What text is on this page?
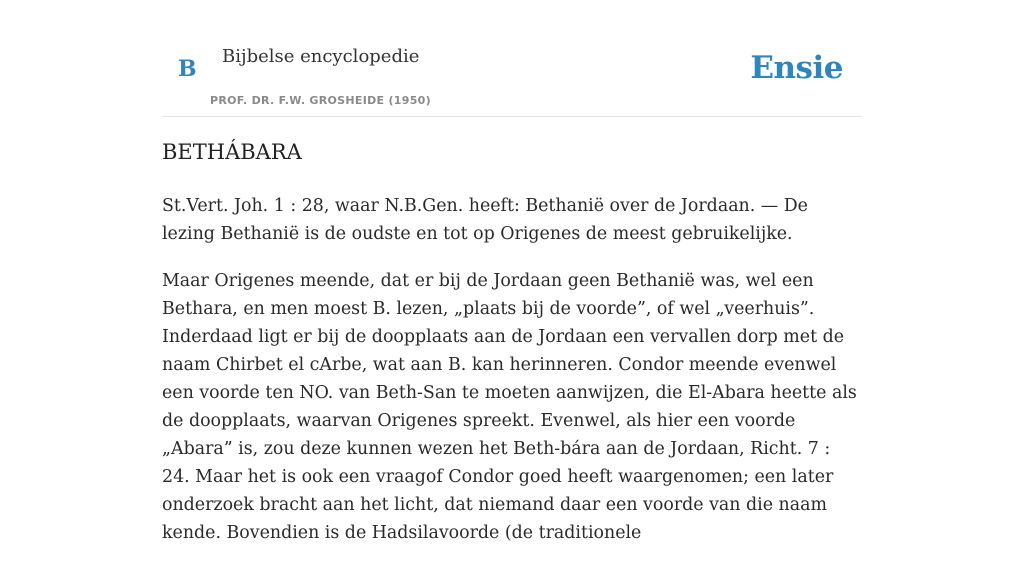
B Bijbelse encyclopedie
PROF. DR. F.W. GROSHEIDE (1950)
Ensie
BETHÁBARA

St.Vert. Joh. 1 : 28, waar N.B.Gen. heeft: Bethanië over de Jordaan. — De lezing Bethanië is de oudste en tot op Origenes de meest gebruikelijke.

Maar Origenes meende, dat er bij de Jordaan geen Bethanië was, wel een Bethara, en men moest B. lezen, „plaats bij de voorde”, of wel „veerhuis”. Inderdaad ligt er bij de doopplaats aan de Jordaan een vervallen dorp met de naam Chirbet el cArbe, wat aan B. kan herinneren. Condor meende evenwel een voorde ten NO. van Beth-San te moeten aanwijzen, die El-Abara heette als de doopplaats, waarvan Origenes spreekt. Evenwel, als hier een voorde „Abara” is, zou deze kunnen wezen het Beth-bára aan de Jordaan, Richt. 7 : 24. Maar het is ook een vraagof Condor goed heeft waargenomen; een later onderzoek bracht aan het licht, dat niemand daar een voorde van die naam kende. Bovendien is de Hadsilavoorde (de traditionele
